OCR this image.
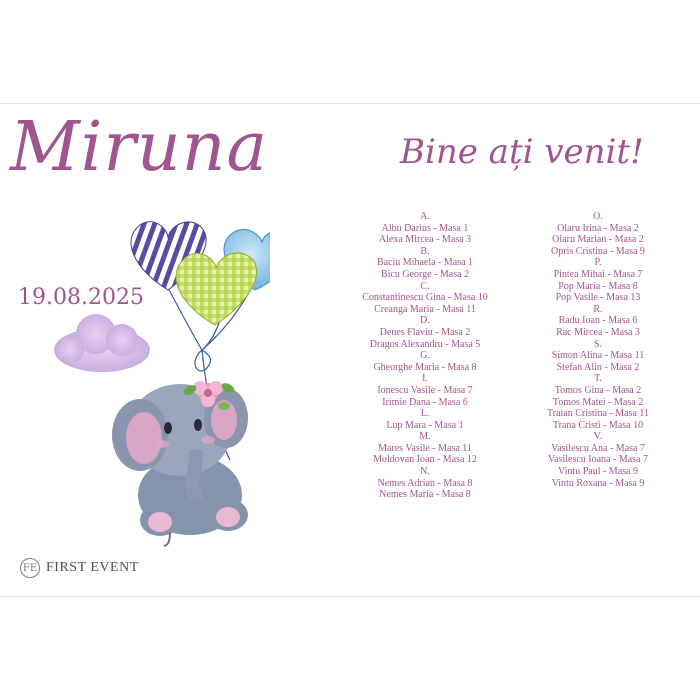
Miruna	Bine ați venit!
19.08.2025
A.
Albu Darius - Masa 1
Alexa Mircea - Masa 3
B.
Baciu Mihaela - Masa 1
Bicu George - Masa 2
C.
Constantinescu Gina - Masa 10
Creanga Maria - Masa 11
D.
Denes Flaviu - Masa 2
Dragos Alexandru - Masa 5
G.
Gheorghe Maria - Masa 8
I.
Ionescu Vasile - Masa 7
Irimie Dana - Masa 6
L.
Lup Mara - Masa 1
M.
Mares Vasile - Masa 11
Moldovan Ioan - Masa 12
N.
Nemes Adrian - Masa 8
Nemes Maria - Masa 8
O.
Olaru Irina - Masa 2
Olaru Marian - Masa 2
Opris Cristina - Masa 9
P.
Pintea Mihai - Masa 7
Pop Maria - Masa 8
Pop Vasile - Masa 13
R.
Radu Ioan - Masa 6
Rac Mircea - Masa 3
S.
Simon Alina - Masa 11
Stefan Alin - Masa 2
T.
Tomos Gina - Masa 2
Tomos Matei - Masa 2
Traian Cristina - Masa 11
Trana Cristi - Masa 10
V.
Vasilescu Ana - Masa 7
Vasilescu Ioana - Masa 7
Vintu Paul - Masa 9
Vintu Roxana - Masa 9
FE FIRST EVENT
